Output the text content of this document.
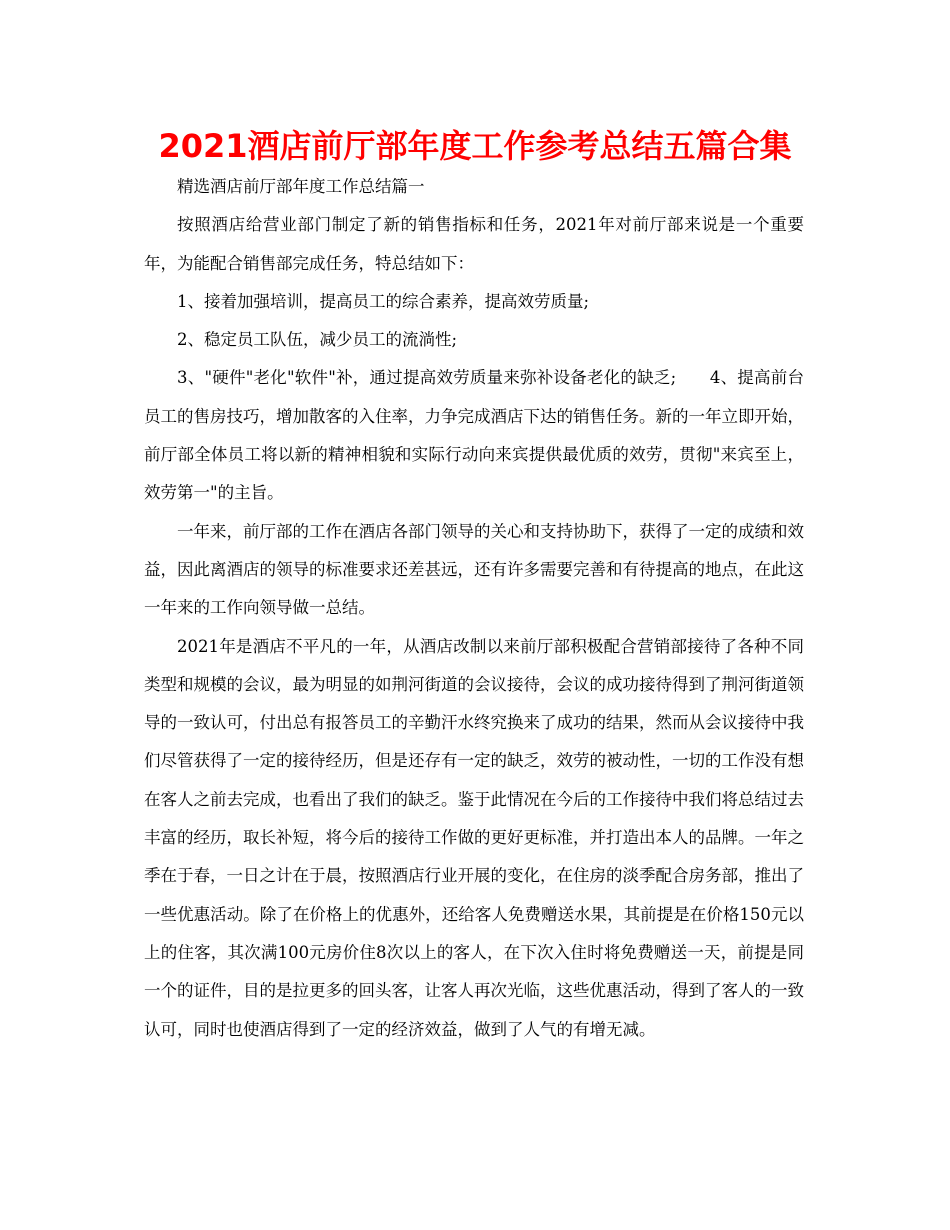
2021酒店前厅部年度工作参考总结五篇合集

精选酒店前厅部年度工作总结篇一

按照酒店给营业部门制定了新的销售指标和任务，2021年对前厅部来说是一个重要年，为能配合销售部完成任务，特总结如下：

1、接着加强培训，提高员工的综合素养，提高效劳质量;

2、稳定员工队伍，减少员工的流淌性;

3、"硬件"老化"软件"补，通过提高效劳质量来弥补设备老化的缺乏;　　4、提高前台员工的售房技巧，增加散客的入住率，力争完成酒店下达的销售任务。新的一年立即开始，前厅部全体员工将以新的精神相貌和实际行动向来宾提供最优质的效劳，贯彻"来宾至上，效劳第一"的主旨。

一年来，前厅部的工作在酒店各部门领导的关心和支持协助下，获得了一定的成绩和效益，因此离酒店的领导的标准要求还差甚远，还有许多需要完善和有待提高的地点，在此这一年来的工作向领导做一总结。

2021年是酒店不平凡的一年，从酒店改制以来前厅部积极配合营销部接待了各种不同类型和规模的会议，最为明显的如荆河街道的会议接待，会议的成功接待得到了荆河街道领导的一致认可，付出总有报答员工的辛勤汗水终究换来了成功的结果，然而从会议接待中我们尽管获得了一定的接待经历，但是还存有一定的缺乏，效劳的被动性，一切的工作没有想在客人之前去完成，也看出了我们的缺乏。鉴于此情况在今后的工作接待中我们将总结过去丰富的经历，取长补短，将今后的接待工作做的更好更标准，并打造出本人的品牌。一年之季在于春，一日之计在于晨，按照酒店行业开展的变化，在住房的淡季配合房务部，推出了一些优惠活动。除了在价格上的优惠外，还给客人免费赠送水果，其前提是在价格150元以上的住客，其次满100元房价住8次以上的客人，在下次入住时将免费赠送一天，前提是同一个的证件，目的是拉更多的回头客，让客人再次光临，这些优惠活动，得到了客人的一致认可，同时也使酒店得到了一定的经济效益，做到了人气的有增无减。
